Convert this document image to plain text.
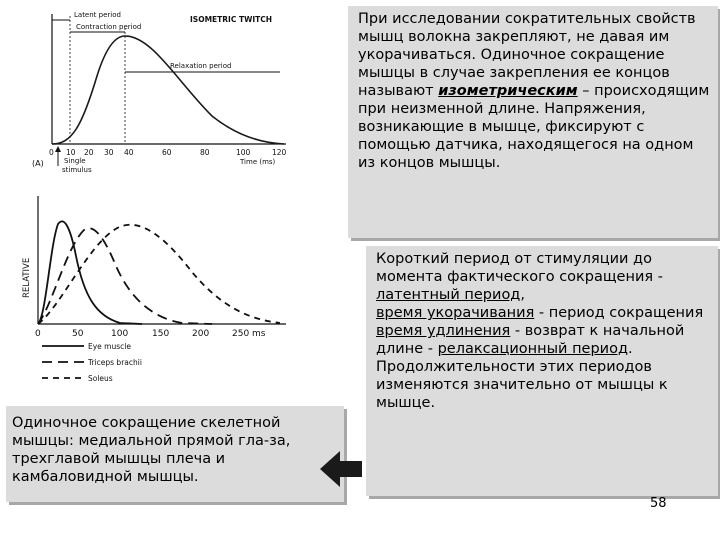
Latent period
Contraction period
ISOMETRIC TWITCH
Relaxation period
0 10 20 30 40	60	80	100	120
(A)	Single
stimulus
Time (ms)
RELATIVE
0	50	100	150	200	250 ms
Eye muscle
Triceps brachii
Soleus
При исследовании сократительных свойств мышц волокна закрепляют, не давая им укорачиваться. Одиночное сокращение мышцы в случае закрепления ее концов называют изометрическим – происходящим при неизменной длине. Напряжения, возникающие в мышце, фиксируют с помощью датчика, находящегося на одном из концов мышцы.
Короткий период от стимуляции до момента фактического сокращения -
латентный период,
время укорачивания - период сокращения
время удлинения - возврат к начальной длине - релаксационный период.
Продолжительности этих периодов изменяются значительно от мышцы к мышце.
Одиночное сокращение скелетной мышцы: медиальной прямой гла-за, трехглавой мышцы плеча и камбаловидной мышцы.
58
